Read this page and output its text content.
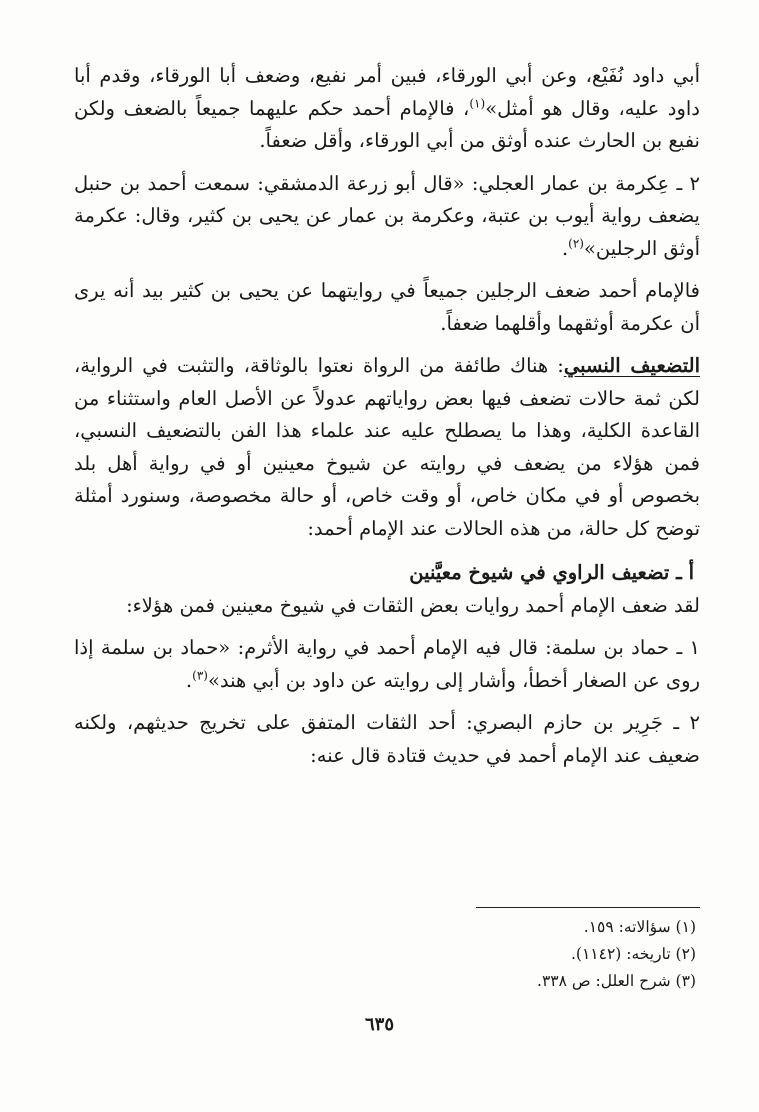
أبي داود نُفَيْع، وعن أبي الورقاء، فبين أمر نفيع، وضعف أبا الورقاء، وقدم أبا داود عليه، وقال هو أمثل»$^{(١)}$، فالإمام أحمد حكم عليهما جميعاً بالضعف ولكن نفيع بن الحارث عنده أوثق من أبي الورقاء، وأقل ضعفاً.

٢ ـ عِكرمة بن عمار العجلي: «قال أبو زرعة الدمشقي: سمعت أحمد بن حنبل يضعف رواية أيوب بن عتبة، وعكرمة بن عمار عن يحيى بن كثير، وقال: عكرمة أوثق الرجلين»$^{(٢)}$.

فالإمام أحمد ضعف الرجلين جميعاً في روايتهما عن يحيى بن كثير بيد أنه يرى أن عكرمة أوثقهما وأقلهما ضعفاً.

التضعيف النسبي: هناك طائفة من الرواة نعتوا بالوثاقة، والتثبت في الرواية، لكن ثمة حالات تضعف فيها بعض رواياتهم عدولاً عن الأصل العام واستثناء من القاعدة الكلية، وهذا ما يصطلح عليه عند علماء هذا الفن بالتضعيف النسبي، فمن هؤلاء من يضعف في روايته عن شيوخ معينين أو في رواية أهل بلد بخصوص أو في مكان خاص، أو وقت خاص، أو حالة مخصوصة، وسنورد أمثلة توضح كل حالة، من هذه الحالات عند الإمام أحمد:

أ ـ تضعيف الراوي في شيوخ معيَّنين

لقد ضعف الإمام أحمد روايات بعض الثقات في شيوخ معينين فمن هؤلاء:

١ ـ حماد بن سلمة: قال فيه الإمام أحمد في رواية الأثرم: «حماد بن سلمة إذا روى عن الصغار أخطأ، وأشار إلى روايته عن داود بن أبي هند»$^{(٣)}$.

٢ ـ جَرِير بن حازم البصري: أحد الثقات المتفق على تخريج حديثهم، ولكنه ضعيف عند الإمام أحمد في حديث قتادة قال عنه:

(١) سؤالاته: ١٥٩.
(٢) تاريخه: (١١٤٢).
(٣) شرح العلل: ص ٣٣٨.
٦٣٥
